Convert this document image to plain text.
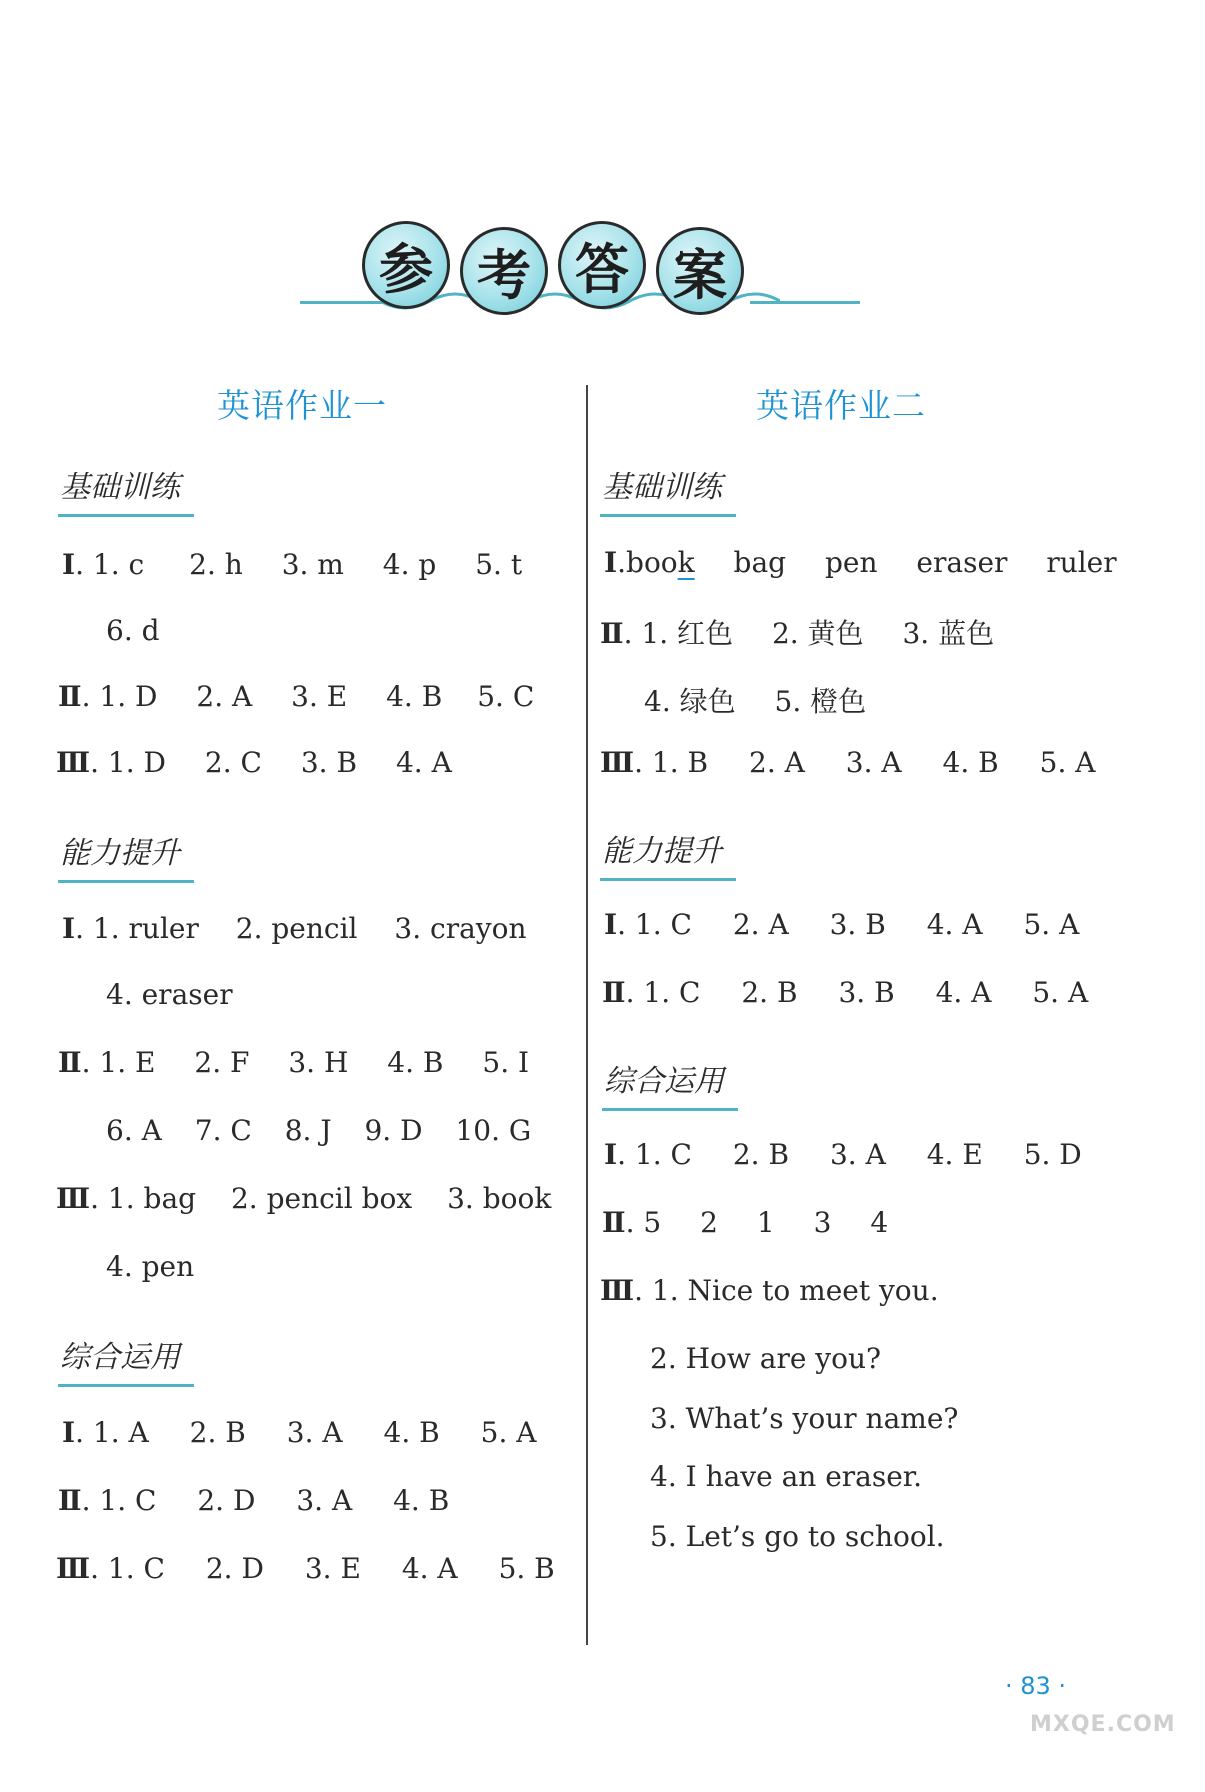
参 考 答 案
英语作业一
基础训练
Ⅰ. 1. c 2. h 3. m 4. p 5. t
6. d
Ⅱ. 1. D 2. A 3. E 4. B 5. C
Ⅲ. 1. D 2. C 3. B 4. A
能力提升
Ⅰ. 1. ruler 2. pencil 3. crayon
4. eraser
Ⅱ. 1. E 2. F 3. H 4. B 5. I
6. A 7. C 8. J 9. D 10. G
Ⅲ. 1. bag 2. pencil box 3. book
4. pen
综合运用
Ⅰ. 1. A 2. B 3. A 4. B 5. A
Ⅱ. 1. C 2. D 3. A 4. B
Ⅲ. 1. C 2. D 3. E 4. A 5. B
英语作业二
基础训练
Ⅰ.book bag pen eraser ruler
Ⅱ. 1. 红色 2. 黄色 3. 蓝色
4. 绿色 5. 橙色
Ⅲ. 1. B 2. A 3. A 4. B 5. A
能力提升
Ⅰ. 1. C 2. A 3. B 4. A 5. A
Ⅱ. 1. C 2. B 3. B 4. A 5. A
综合运用
Ⅰ. 1. C 2. B 3. A 4. E 5. D
Ⅱ. 5 2 1 3 4
Ⅲ. 1. Nice to meet you.
2. How are you?
3. What’s your name?
4. I have an eraser.
5. Let’s go to school.
· 83 ·
MXQE.COM
